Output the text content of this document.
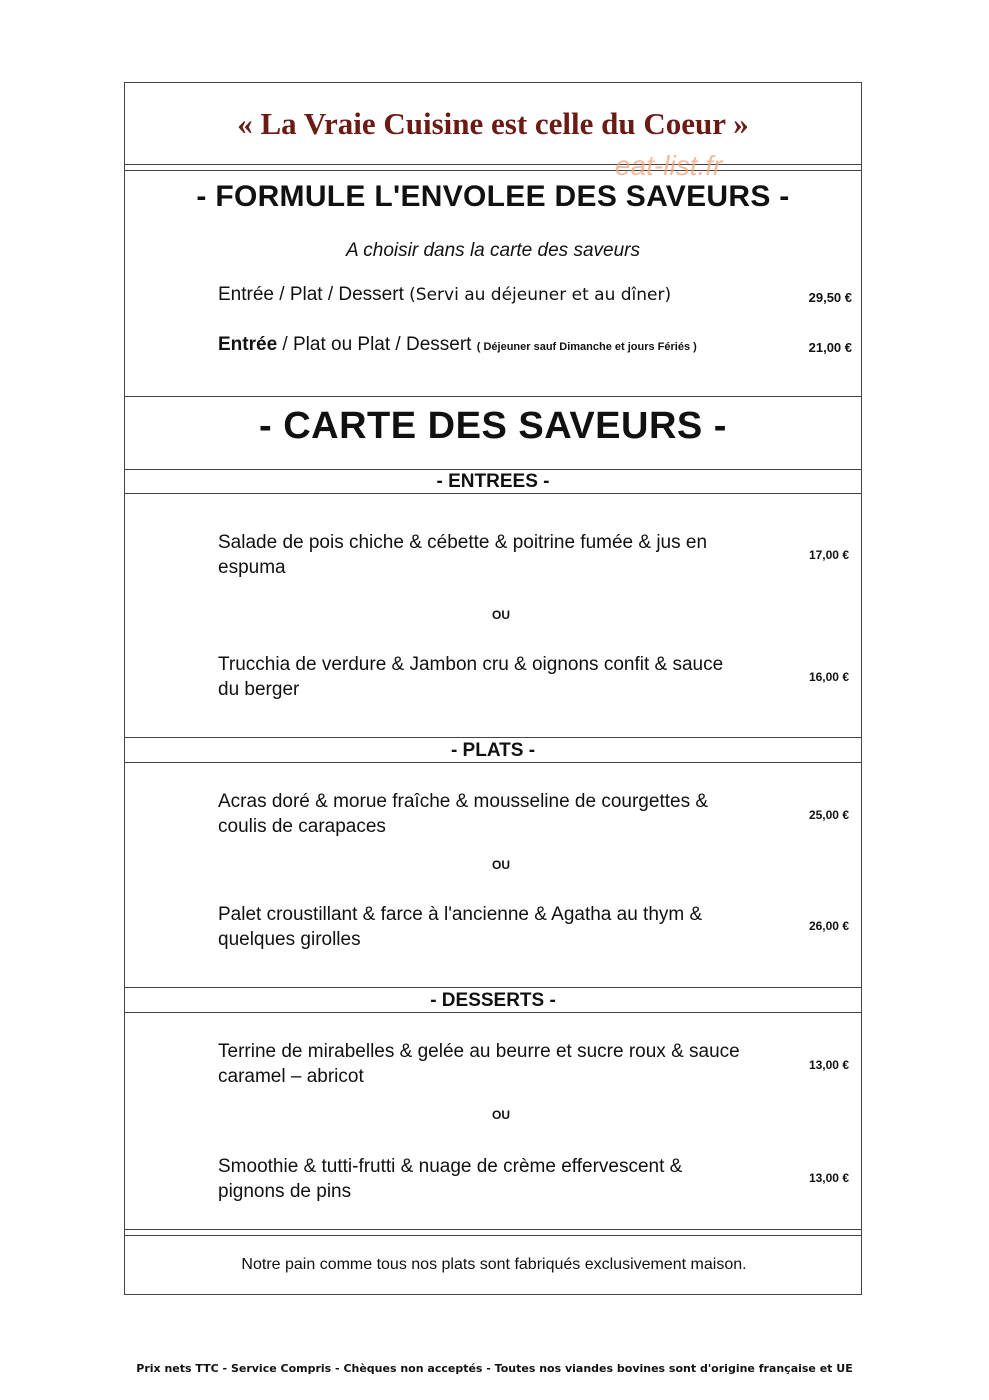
« La Vraie Cuisine est celle du Coeur »
eat-list.fr
- FORMULE L'ENVOLEE DES SAVEURS -
A choisir dans la carte des saveurs
Entrée / Plat / Dessert (Servi au déjeuner et au dîner)	29,50 €
Entrée / Plat ou Plat / Dessert ( Déjeuner sauf Dimanche et jours Fériés )	21,00 €
- CARTE DES SAVEURS -
- ENTREES -
Salade de pois chiche & cébette & poitrine fumée & jus en espuma
17,00 €
OU
Trucchia de verdure & Jambon cru & oignons confit & sauce du berger
16,00 €
- PLATS -
Acras doré & morue fraîche & mousseline de courgettes & coulis de carapaces
25,00 €
OU
Palet croustillant & farce à l'ancienne & Agatha au thym & quelques girolles
26,00 €
- DESSERTS -
Terrine de mirabelles & gelée au beurre et sucre roux & sauce caramel – abricot
13,00 €
OU
Smoothie & tutti-frutti & nuage de crème effervescent & pignons de pins
13,00 €
Notre pain comme tous nos plats sont fabriqués exclusivement maison.
Prix nets TTC - Service Compris - Chèques non acceptés - Toutes nos viandes bovines sont d'origine française et UE
